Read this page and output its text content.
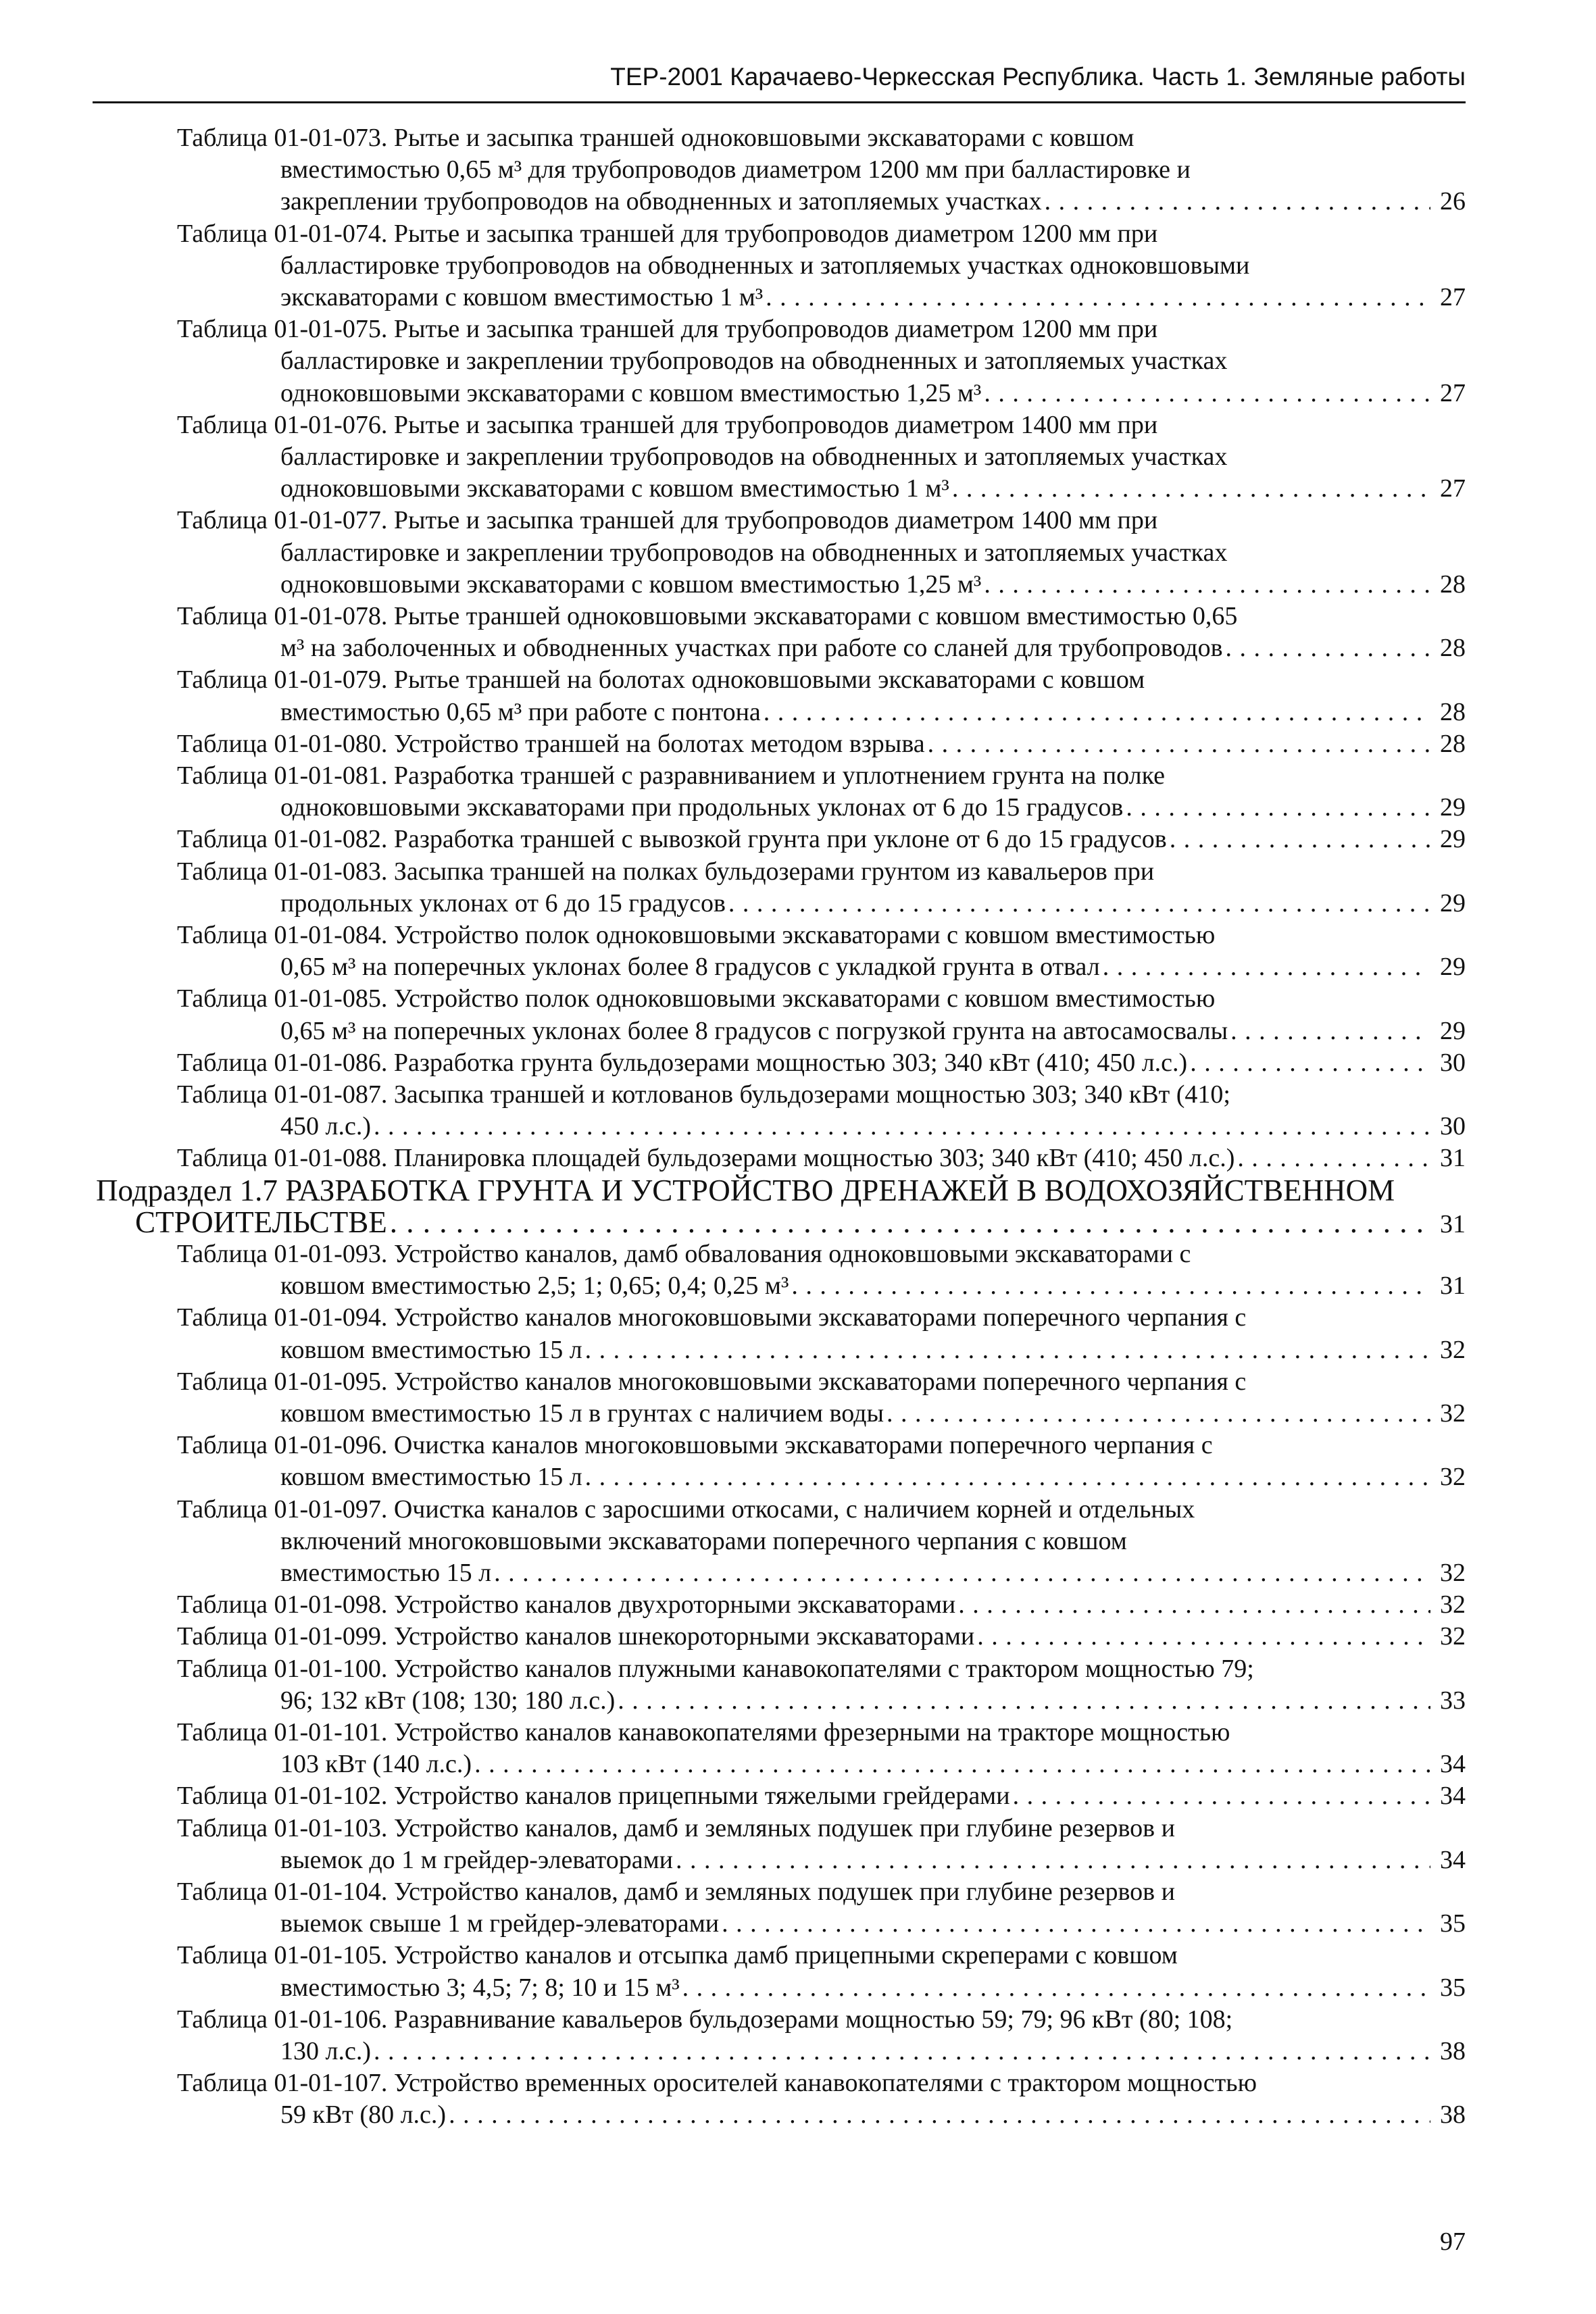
ТЕР-2001 Карачаево-Черкесская Республика. Часть 1. Земляные работы
Таблица 01-01-073. Рытье и засыпка траншей одноковшовыми экскаваторами с ковшом
вместимостью 0,65 м³ для трубопроводов диаметром 1200 мм при балластировке и
закреплении трубопроводов на обводненных и затопляемых участках . . .	26
Таблица 01-01-074. Рытье и засыпка траншей для трубопроводов диаметром 1200 мм при
балластировке трубопроводов на обводненных и затопляемых участках одноковшовыми
экскаваторами с ковшом вместимостью 1 м³ . . .	27
Таблица 01-01-075. Рытье и засыпка траншей для трубопроводов диаметром 1200 мм при
балластировке и закреплении трубопроводов на обводненных и затопляемых участках
одноковшовыми экскаваторами с ковшом вместимостью 1,25 м³ . . .	27
Таблица 01-01-076. Рытье и засыпка траншей для трубопроводов диаметром 1400 мм при
балластировке и закреплении трубопроводов на обводненных и затопляемых участках
одноковшовыми экскаваторами с ковшом вместимостью 1 м³ . . .	27
Таблица 01-01-077. Рытье и засыпка траншей для трубопроводов диаметром 1400 мм при
балластировке и закреплении трубопроводов на обводненных и затопляемых участках
одноковшовыми экскаваторами с ковшом вместимостью 1,25 м³ . . .	28
Таблица 01-01-078. Рытье траншей одноковшовыми экскаваторами с ковшом вместимостью 0,65
м³ на заболоченных и обводненных участках при работе со сланей для трубопроводов . . .	28
Таблица 01-01-079. Рытье траншей на болотах одноковшовыми экскаваторами с ковшом
вместимостью 0,65 м³ при работе с понтона . . .	28
Таблица 01-01-080. Устройство траншей на болотах методом взрыва . . .	28
Таблица 01-01-081. Разработка траншей с разравниванием и уплотнением грунта на полке
одноковшовыми экскаваторами при продольных уклонах от 6 до 15 градусов . . .	29
Таблица 01-01-082. Разработка траншей с вывозкой грунта при уклоне от 6 до 15 градусов . . .	29
Таблица 01-01-083. Засыпка траншей на полках бульдозерами грунтом из кавальеров при
продольных уклонах от 6 до 15 градусов . . .	29
Таблица 01-01-084. Устройство полок одноковшовыми экскаваторами с ковшом вместимостью
0,65 м³ на поперечных уклонах более 8 градусов с укладкой грунта в отвал . . .	29
Таблица 01-01-085. Устройство полок одноковшовыми экскаваторами с ковшом вместимостью
0,65 м³ на поперечных уклонах более 8 градусов с погрузкой грунта на автосамосвалы . . .	29
Таблица 01-01-086. Разработка грунта бульдозерами мощностью 303; 340 кВт (410; 450 л.с.) . . .	30
Таблица 01-01-087. Засыпка траншей и котлованов бульдозерами мощностью 303; 340 кВт (410;
450 л.с.) . . .	30
Таблица 01-01-088. Планировка площадей бульдозерами мощностью 303; 340 кВт (410; 450 л.с.) . . .	31
Подраздел 1.7 РАЗРАБОТКА ГРУНТА И УСТРОЙСТВО ДРЕНАЖЕЙ В ВОДОХОЗЯЙСТВЕННОМ
СТРОИТЕЛЬСТВЕ . . .	31
Таблица 01-01-093. Устройство каналов, дамб обвалования одноковшовыми экскаваторами с
ковшом вместимостью 2,5; 1; 0,65; 0,4; 0,25 м³ . . .	31
Таблица 01-01-094. Устройство каналов многоковшовыми экскаваторами поперечного черпания с
ковшом вместимостью 15 л . . .	32
Таблица 01-01-095. Устройство каналов многоковшовыми экскаваторами поперечного черпания с
ковшом вместимостью 15 л в грунтах с наличием воды . . .	32
Таблица 01-01-096. Очистка каналов многоковшовыми экскаваторами поперечного черпания с
ковшом вместимостью 15 л . . .	32
Таблица 01-01-097. Очистка каналов с заросшими откосами, с наличием корней и отдельных
включений многоковшовыми экскаваторами поперечного черпания с ковшом
вместимостью 15 л . . .	32
Таблица 01-01-098. Устройство каналов двухроторными экскаваторами . . .	32
Таблица 01-01-099. Устройство каналов шнекороторными экскаваторами . . .	32
Таблица 01-01-100. Устройство каналов плужными канавокопателями с трактором мощностью 79;
96; 132 кВт (108; 130; 180 л.с.) . . .	33
Таблица 01-01-101. Устройство каналов канавокопателями фрезерными на тракторе мощностью
103 кВт (140 л.с.) . . .	34
Таблица 01-01-102. Устройство каналов прицепными тяжелыми грейдерами . . .	34
Таблица 01-01-103. Устройство каналов, дамб и земляных подушек при глубине резервов и
выемок до 1 м грейдер-элеваторами . . .	34
Таблица 01-01-104. Устройство каналов, дамб и земляных подушек при глубине резервов и
выемок свыше 1 м грейдер-элеваторами . . .	35
Таблица 01-01-105. Устройство каналов и отсыпка дамб прицепными скреперами с ковшом
вместимостью 3; 4,5; 7; 8; 10 и 15 м³ . . .	35
Таблица 01-01-106. Разравнивание кавальеров бульдозерами мощностью 59; 79; 96 кВт (80; 108;
130 л.с.) . . .	38
Таблица 01-01-107. Устройство временных оросителей канавокопателями с трактором мощностью
59 кВт (80 л.с.) . . .	38
97
